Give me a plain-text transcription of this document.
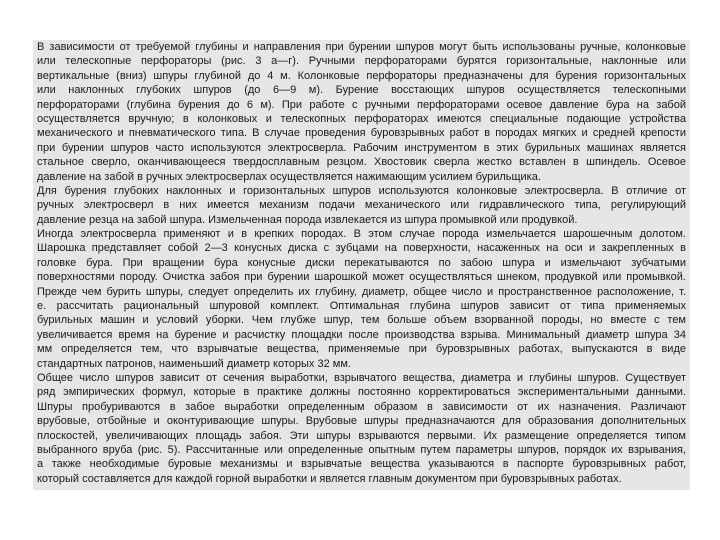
В зависимости от требуемой глубины и направления при бурении шпуров могут быть использованы ручные, колонковые
или телескопные перфораторы (рис. 3 а—г). Ручными перфораторами бурятся горизонтальные, наклонные или
вертикальные (вниз) шпуры глубиной до 4 м. Колонковые перфораторы предназначены для бурения горизонтальных
или наклонных глубоких шпуров (до 6—9 м). Бурение восстающих шпуров осуществляется телескопными
перфораторами (глубина бурения до 6 м). При работе с ручными перфораторами осевое давление бура на забой
осуществляется вручную; в колонковых и телескопных перфораторах имеются специальные подающие устройства
механического и пневматического типа. В случае проведения буровзрывных работ в породах мягких и средней крепости
при бурении шпуров часто используются электросверла. Рабочим инструментом в этих бурильных машинах является
стальное сверло, оканчивающееся твердосплавным резцом. Хвостовик сверла жестко вставлен в шпиндель. Осевое
давление на забой в ручных электросверлах осуществляется нажимающим усилием бурильщика.
Для бурения глубоких наклонных и горизонтальных шпуров используются колонковые электросверла. В отличие от
ручных электросверл в них имеется механизм подачи механического или гидравлического типа, регулирующий
давление резца на забой шпура. Измельченная порода извлекается из шпура промывкой или продувкой.
Иногда электросверла применяют и в крепких породах. В этом случае порода измельчается шарошечным долотом.
Шарошка представляет собой 2—3 конусных диска с зубцами на поверхности, насаженных на оси и закрепленных в
головке бура. При вращении бура конусные диски перекатываются по забою шпура и измельчают зубчатыми
поверхностями породу. Очистка забоя при бурении шарошкой может осуществляться шнеком, продувкой или промывкой.
Прежде чем бурить шпуры, следует определить их глубину, диаметр, общее число и пространственное расположение, т.
е. рассчитать рациональный шпуровой комплект. Оптимальная глубина шпуров зависит от типа применяемых
бурильных машин и условий уборки. Чем глубже шпур, тем больше объем взорванной породы, но вместе с тем
увеличивается время на бурение и расчистку площадки после производства взрыва. Минимальный диаметр шпура 34
мм определяется тем, что взрывчатые вещества, применяемые при буровзрывных работах, выпускаются в виде
стандартных патронов, наименьший диаметр которых 32 мм.
Общее число шпуров зависит от сечения выработки, взрывчатого вещества, диаметра и глубины шпуров. Существует
ряд эмпирических формул, которые в практике должны постоянно корректироваться экспериментальными данными.
Шпуры пробуриваются в забое выработки определенным образом в зависимости от их назначения. Различают
врубовые, отбойные и оконтуривающие шпуры. Врубовые шпуры предназначаются для образования дополнительных
плоскостей, увеличивающих площадь забоя. Эти шпуры взрываются первыми. Их размещение определяется типом
выбранного вруба (рис. 5). Рассчитанные или определенные опытным путем параметры шпуров, порядок их взрывания,
а также необходимые буровые механизмы и взрывчатые вещества указываются в паспорте буровзрывных работ,
который составляется для каждой горной выработки и является главным документом при буровзрывных работах.
